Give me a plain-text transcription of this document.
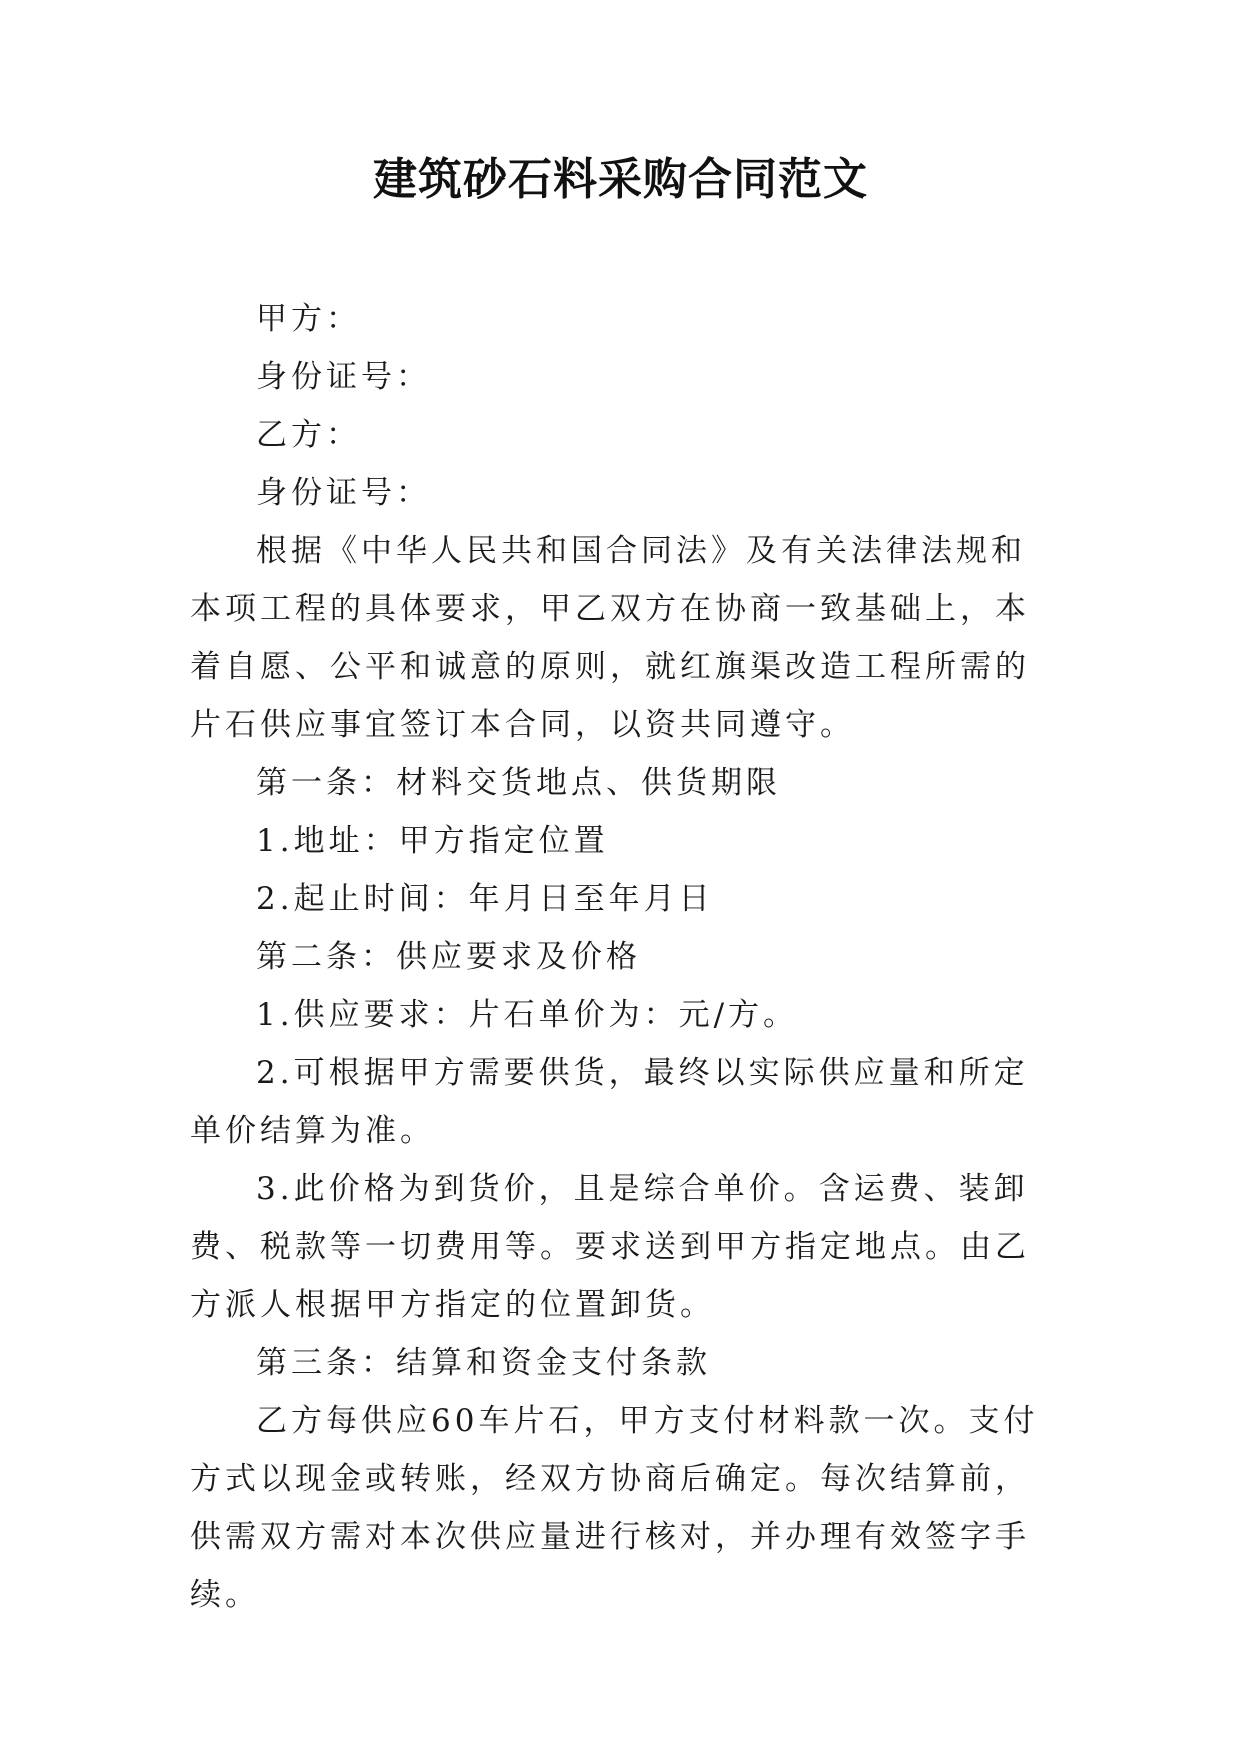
建筑砂石料采购合同范文

甲方：

身份证号：

乙方：

身份证号：

根据《中华人民共和国合同法》及有关法律法规和本项工程的具体要求，甲乙双方在协商一致基础上，本着自愿、公平和诚意的原则，就红旗渠改造工程所需的片石供应事宜签订本合同，以资共同遵守。

第一条：材料交货地点、供货期限

1.地址：甲方指定位置

2.起止时间：年月日至年月日

第二条：供应要求及价格

1.供应要求：片石单价为：元/方。

2.可根据甲方需要供货，最终以实际供应量和所定单价结算为准。

3.此价格为到货价，且是综合单价。含运费、装卸费、税款等一切费用等。要求送到甲方指定地点。由乙方派人根据甲方指定的位置卸货。

第三条：结算和资金支付条款

乙方每供应60车片石，甲方支付材料款一次。支付方式以现金或转账，经双方协商后确定。每次结算前，供需双方需对本次供应量进行核对，并办理有效签字手续。
